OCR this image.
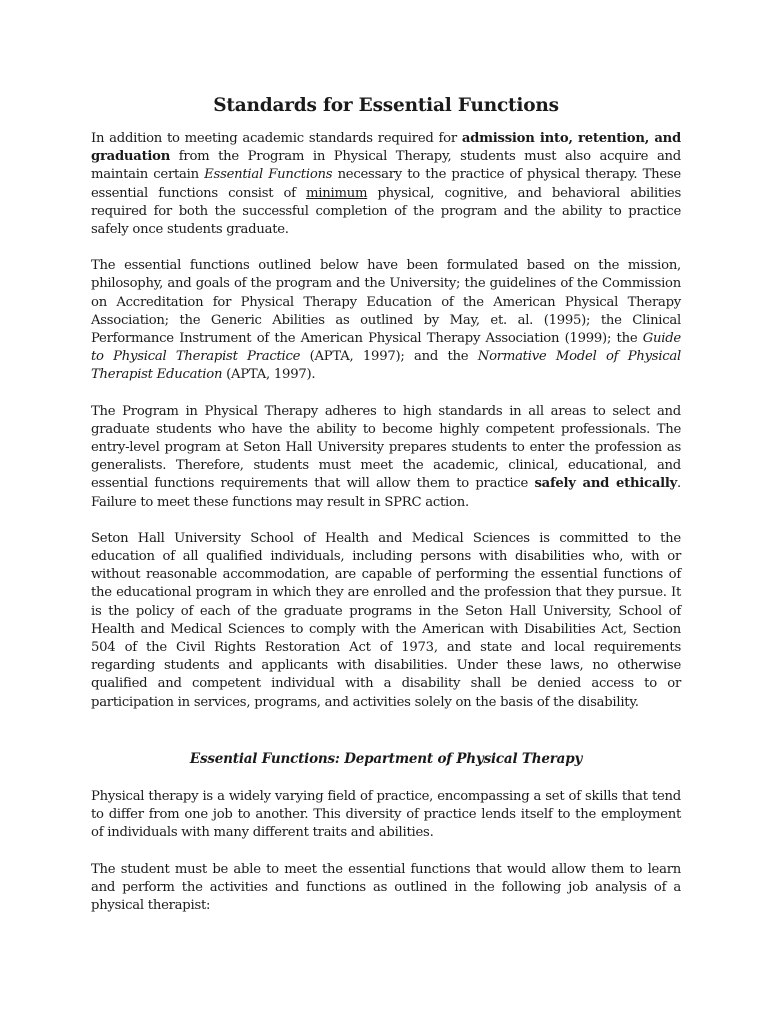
Standards for Essential Functions

In addition to meeting academic standards required for admission into, retention, and graduation from the Program in Physical Therapy, students must also acquire and maintain certain Essential Functions necessary to the practice of physical therapy. These essential functions consist of minimum physical, cognitive, and behavioral abilities required for both the successful completion of the program and the ability to practice safely once students graduate.

The essential functions outlined below have been formulated based on the mission, philosophy, and goals of the program and the University; the guidelines of the Commission on Accreditation for Physical Therapy Education of the American Physical Therapy Association; the Generic Abilities as outlined by May, et. al. (1995); the Clinical Performance Instrument of the American Physical Therapy Association (1999); the Guide to Physical Therapist Practice (APTA, 1997); and the Normative Model of Physical Therapist Education (APTA, 1997).

The Program in Physical Therapy adheres to high standards in all areas to select and graduate students who have the ability to become highly competent professionals. The entry-level program at Seton Hall University prepares students to enter the profession as generalists. Therefore, students must meet the academic, clinical, educational, and essential functions requirements that will allow them to practice safely and ethically. Failure to meet these functions may result in SPRC action.

Seton Hall University School of Health and Medical Sciences is committed to the education of all qualified individuals, including persons with disabilities who, with or without reasonable accommodation, are capable of performing the essential functions of the educational program in which they are enrolled and the profession that they pursue. It is the policy of each of the graduate programs in the Seton Hall University, School of Health and Medical Sciences to comply with the American with Disabilities Act, Section 504 of the Civil Rights Restoration Act of 1973, and state and local requirements regarding students and applicants with disabilities. Under these laws, no otherwise qualified and competent individual with a disability shall be denied access to or participation in services, programs, and activities solely on the basis of the disability.

Essential Functions: Department of Physical Therapy

Physical therapy is a widely varying field of practice, encompassing a set of skills that tend to differ from one job to another. This diversity of practice lends itself to the employment of individuals with many different traits and abilities.

The student must be able to meet the essential functions that would allow them to learn and perform the activities and functions as outlined in the following job analysis of a physical therapist:
